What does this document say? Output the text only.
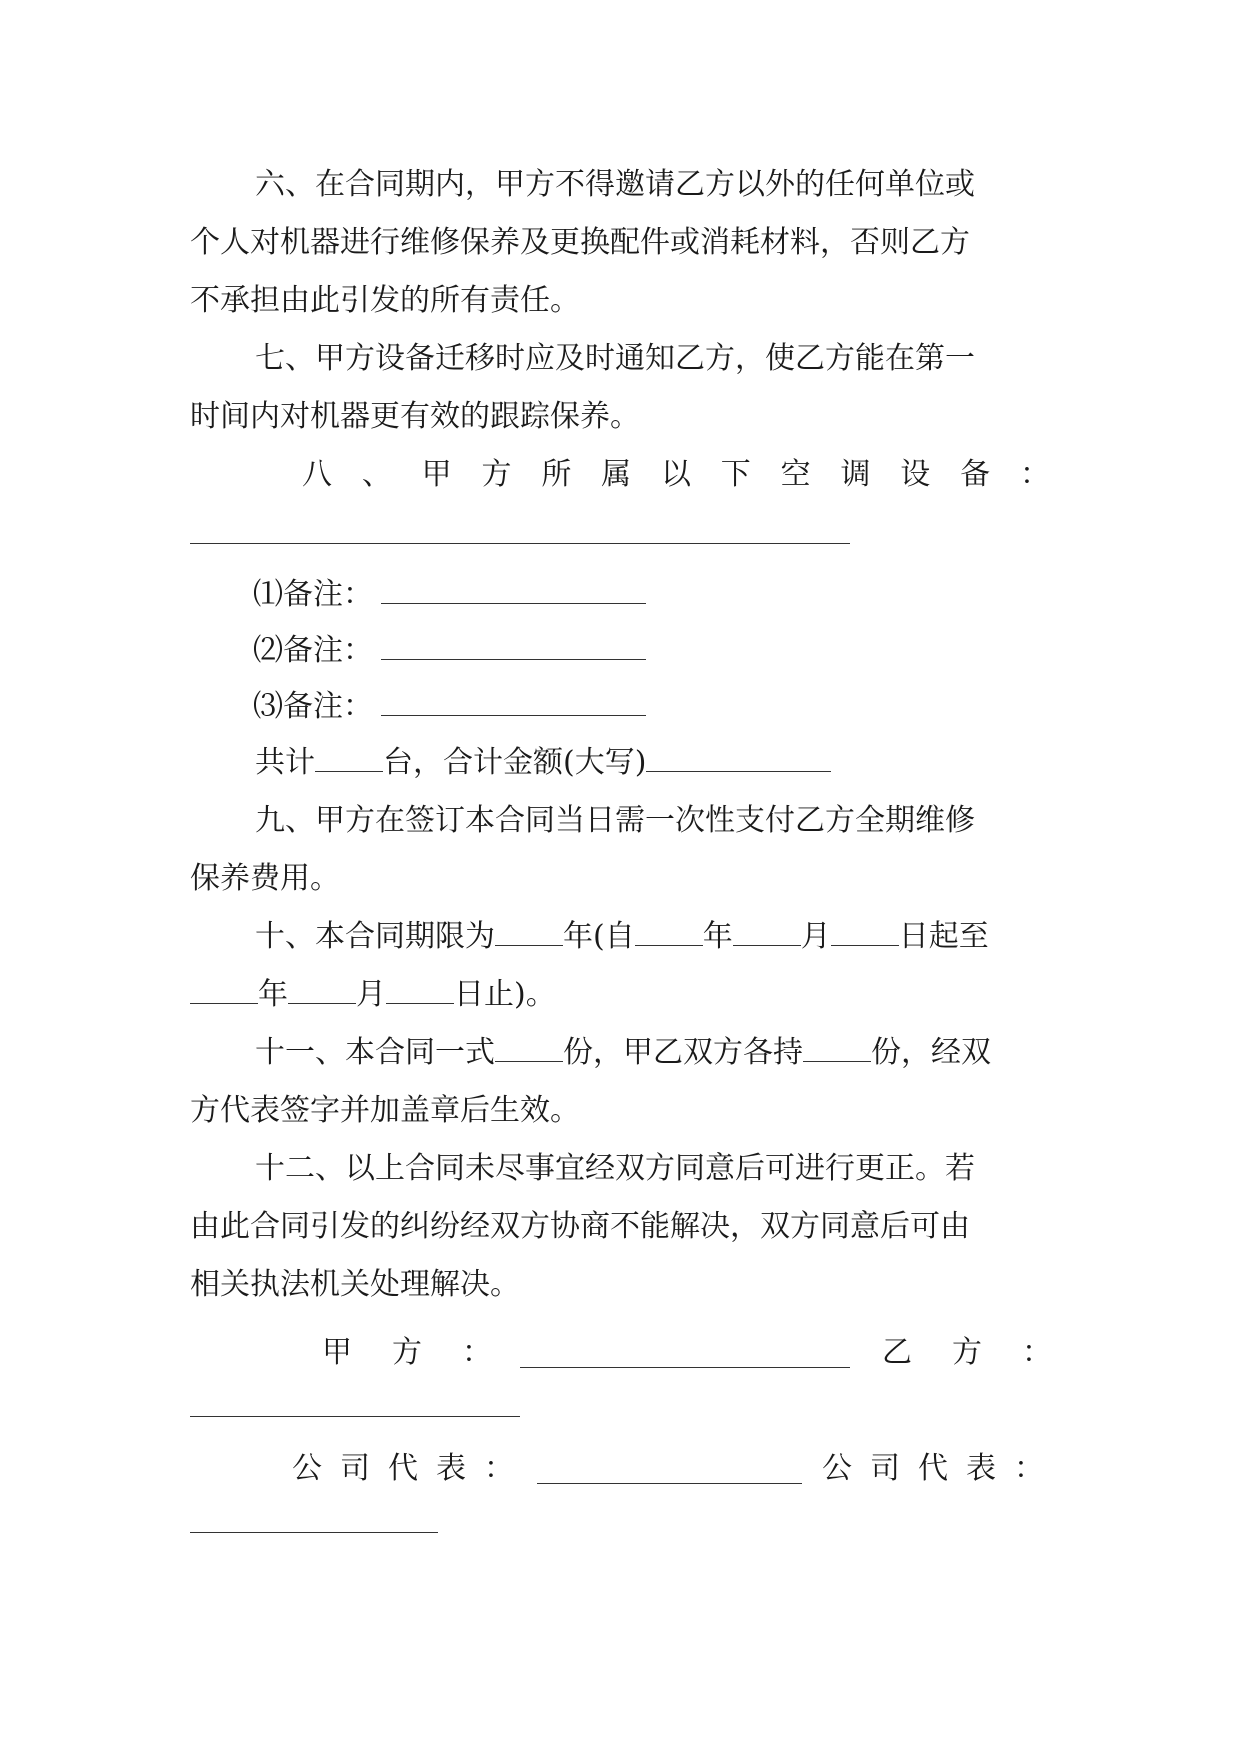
六、在合同期内，甲方不得邀请乙方以外的任何单位或
个人对机器进行维修保养及更换配件或消耗材料，否则乙方
不承担由此引发的所有责任。
七、甲方设备迁移时应及时通知乙方，使乙方能在第一
时间内对机器更有效的跟踪保养。
八 、 甲 方 所 属 以 下 空 调 设 备 ：
⑴备注：
⑵备注：
⑶备注：
共计 台，合计金额(大写)
九、甲方在签订本合同当日需一次性支付乙方全期维修
保养费用。
十、本合同期限为 年(自 年 月 日起至
年 月 日止)。
十一、本合同一式 份，甲乙双方各持 份，经双
方代表签字并加盖章后生效。
十二、以上合同未尽事宜经双方同意后可进行更正。若
由此合同引发的纠纷经双方协商不能解决，双方同意后可由
相关执法机关处理解决。
甲 方 ：	乙 方 ：
公 司 代 表 ：	公 司 代 表 ：
